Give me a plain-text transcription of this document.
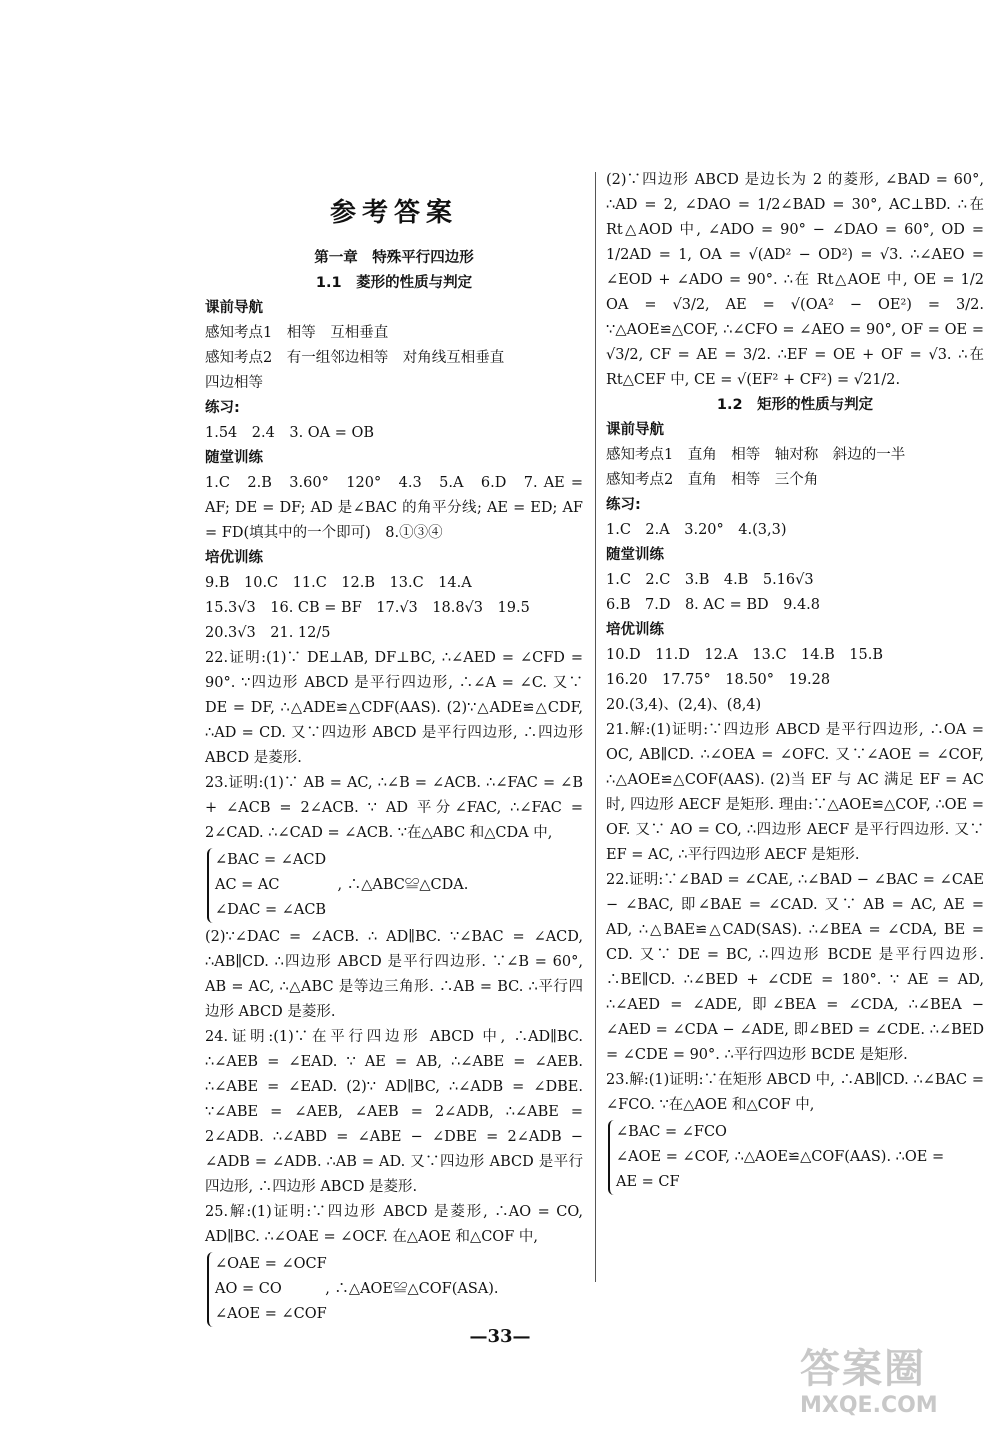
参考答案
第一章　特殊平行四边形
1.1　菱形的性质与判定
课前导航
感知考点1　相等　互相垂直
感知考点2　有一组邻边相等　对角线互相垂直
四边相等
练习:
1.54　2.4　3. OA = OB
随堂训练
1.C　2.B　3.60°　120°　4.3　5.A　6.D　7. AE = AF; DE = DF; AD 是∠BAC 的角平分线; AE = ED; AF = FD(填其中的一个即可)　8.①③④
培优训练
9.B　10.C　11.C　12.B　13.C　14.A
15.3√3　16. CB = BF　17.√3　18.8√3　19.5
20.3√3　21. 12/5
22.证明:(1)∵ DE⊥AB, DF⊥BC, ∴∠AED = ∠CFD = 90°. ∵四边形 ABCD 是平行四边形, ∴∠A = ∠C. 又∵ DE = DF, ∴△ADE≌△CDF(AAS). (2)∵△ADE≌△CDF, ∴AD = CD. 又∵四边形 ABCD 是平行四边形, ∴四边形 ABCD 是菱形.
23.证明:(1)∵ AB = AC, ∴∠B = ∠ACB. ∴∠FAC = ∠B + ∠ACB = 2∠ACB. ∵ AD 平分∠FAC, ∴∠FAC = 2∠CAD. ∴∠CAD = ∠ACB. ∵在△ABC 和△CDA 中,
∠BAC = ∠ACD
AC = AC　　　　, ∴△ABC≌△CDA.
∠DAC = ∠ACB
(2)∵∠DAC = ∠ACB. ∴ AD∥BC. ∵∠BAC = ∠ACD, ∴AB∥CD. ∴四边形 ABCD 是平行四边形. ∵∠B = 60°, AB = AC, ∴△ABC 是等边三角形. ∴AB = BC. ∴平行四边形 ABCD 是菱形.
24.证明:(1)∵在平行四边形 ABCD 中, ∴AD∥BC. ∴∠AEB = ∠EAD. ∵ AE = AB, ∴∠ABE = ∠AEB. ∴∠ABE = ∠EAD. (2)∵ AD∥BC, ∴∠ADB = ∠DBE. ∵∠ABE = ∠AEB, ∠AEB = 2∠ADB, ∴∠ABE = 2∠ADB. ∴∠ABD = ∠ABE − ∠DBE = 2∠ADB − ∠ADB = ∠ADB. ∴AB = AD. 又∵四边形 ABCD 是平行四边形, ∴四边形 ABCD 是菱形.
25.解:(1)证明:∵四边形 ABCD 是菱形, ∴AO = CO, AD∥BC. ∴∠OAE = ∠OCF. 在△AOE 和△COF 中,
∠OAE = ∠OCF
AO = CO　　　, ∴△AOE≌△COF(ASA).
∠AOE = ∠COF
(2)∵四边形 ABCD 是边长为 2 的菱形, ∠BAD = 60°, ∴AD = 2, ∠DAO = 1/2∠BAD = 30°, AC⊥BD. ∴在 Rt△AOD 中, ∠ADO = 90° − ∠DAO = 60°, OD = 1/2AD = 1, OA = √(AD² − OD²) = √3. ∴∠AEO = ∠EOD + ∠ADO = 90°. ∴在 Rt△AOE 中, OE = 1/2 OA = √3/2, AE = √(OA² − OE²) = 3/2. ∵△AOE≌△COF, ∴∠CFO = ∠AEO = 90°, OF = OE = √3/2, CF = AE = 3/2. ∴EF = OE + OF = √3. ∴在 Rt△CEF 中, CE = √(EF² + CF²) = √21/2.
1.2　矩形的性质与判定
课前导航
感知考点1　直角　相等　轴对称　斜边的一半
感知考点2　直角　相等　三个角
练习:
1.C　2.A　3.20°　4.(3,3)
随堂训练
1.C　2.C　3.B　4.B　5.16√3
6.B　7.D　8. AC = BD　9.4.8
培优训练
10.D　11.D　12.A　13.C　14.B　15.B
16.20　17.75°　18.50°　19.28
20.(3,4)、(2,4)、(8,4)
21.解:(1)证明:∵四边形 ABCD 是平行四边形, ∴OA = OC, AB∥CD. ∴∠OEA = ∠OFC. 又∵∠AOE = ∠COF, ∴△AOE≌△COF(AAS). (2)当 EF 与 AC 满足 EF = AC 时, 四边形 AECF 是矩形. 理由:∵△AOE≌△COF, ∴OE = OF. 又∵ AO = CO, ∴四边形 AECF 是平行四边形. 又∵ EF = AC, ∴平行四边形 AECF 是矩形.
22.证明:∵∠BAD = ∠CAE, ∴∠BAD − ∠BAC = ∠CAE − ∠BAC, 即∠BAE = ∠CAD. 又∵ AB = AC, AE = AD, ∴△BAE≌△CAD(SAS). ∴∠BEA = ∠CDA, BE = CD. 又∵ DE = BC, ∴四边形 BCDE 是平行四边形. ∴BE∥CD. ∴∠BED + ∠CDE = 180°. ∵ AE = AD, ∴∠AED = ∠ADE, 即∠BEA = ∠CDA, ∴∠BEA − ∠AED = ∠CDA − ∠ADE, 即∠BED = ∠CDE. ∴∠BED = ∠CDE = 90°. ∴平行四边形 BCDE 是矩形.
23.解:(1)证明:∵在矩形 ABCD 中, ∴AB∥CD. ∴∠BAC = ∠FCO. ∵在△AOE 和△COF 中,
∠BAC = ∠FCO
∠AOE = ∠COF, ∴△AOE≌△COF(AAS). ∴OE =
AE = CF
—33—
答案圈
MXQE.COM
